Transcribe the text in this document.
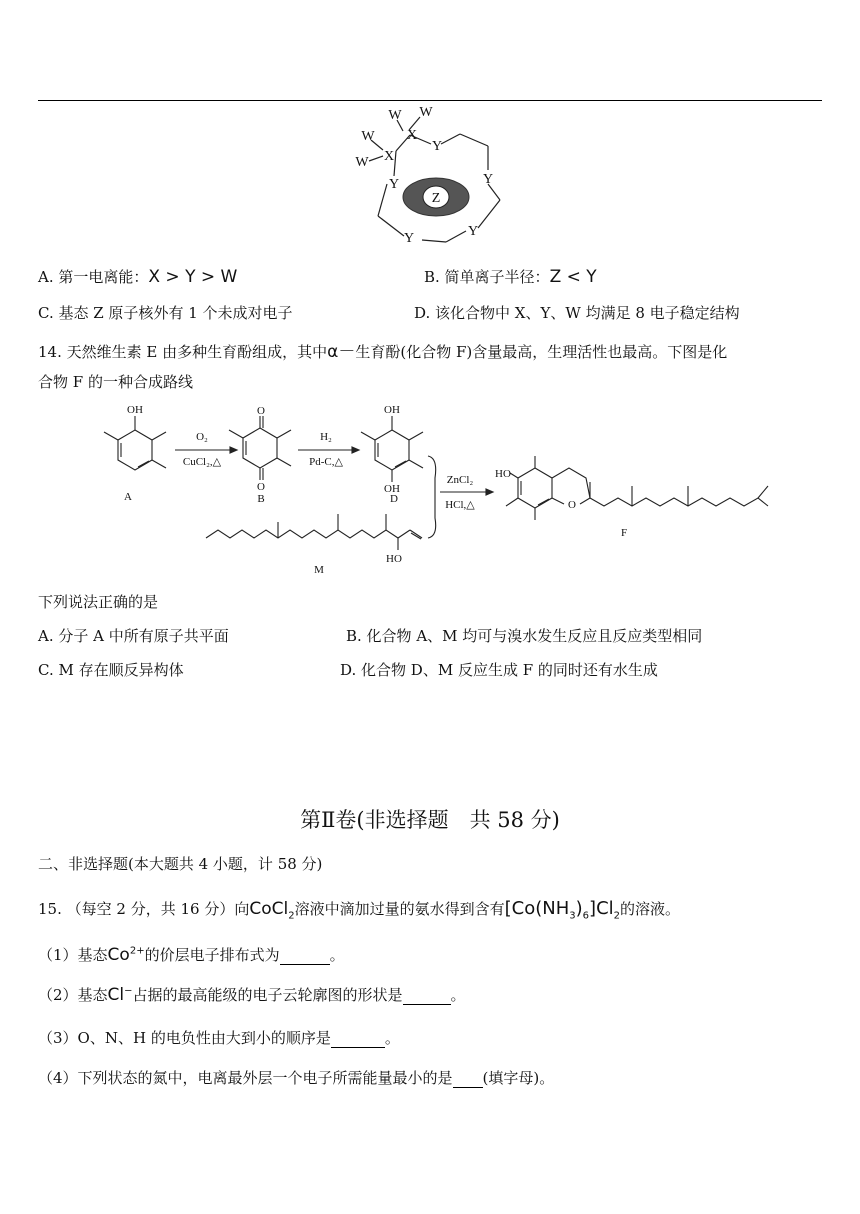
W W
X
W
X
W
Y
Y	Y
Y
Y
Z
A. 第一电离能：X > Y > W	B. 简单离子半径：Z < Y
C. 基态 Z 原子核外有 1 个未成对电子	D. 该化合物中 X、Y、W 均满足 8 电子稳定结构
14. 天然维生素 E 由多种生育酚组成，其中α－生育酚(化合物 F)含量最高，生理活性也最高。下图是化
合物 F 的一种合成路线
OH
A
O₂
CuCl₂,△
O
O
B
H₂
Pd-C,△
OH
OH
D
ZnCl₂
HCl,△
HO
M
HO
O
F
下列说法正确的是
A. 分子 A 中所有原子共平面	B. 化合物 A、M 均可与溴水发生反应且反应类型相同
C. M 存在顺反异构体	D. 化合物 D、M 反应生成 F 的同时还有水生成
第Ⅱ卷(非选择题　共 58 分)
二、非选择题(本大题共 4 小题，计 58 分)
15. （每空 2 分，共 16 分）向CoCl$_2$溶液中滴加过量的氨水得到含有$[Co(NH_3)_6]Cl_2$的溶液。
（1）基态$Co^{2+}$的价层电子排布式为	。
（2）基态Cl−占据的最高能级的电子云轮廓图的形状是	。
（3）O、N、H 的电负性由大到小的顺序是	。
（4）下列状态的氮中，电离最外层一个电子所需能量最小的是 (填字母)。
